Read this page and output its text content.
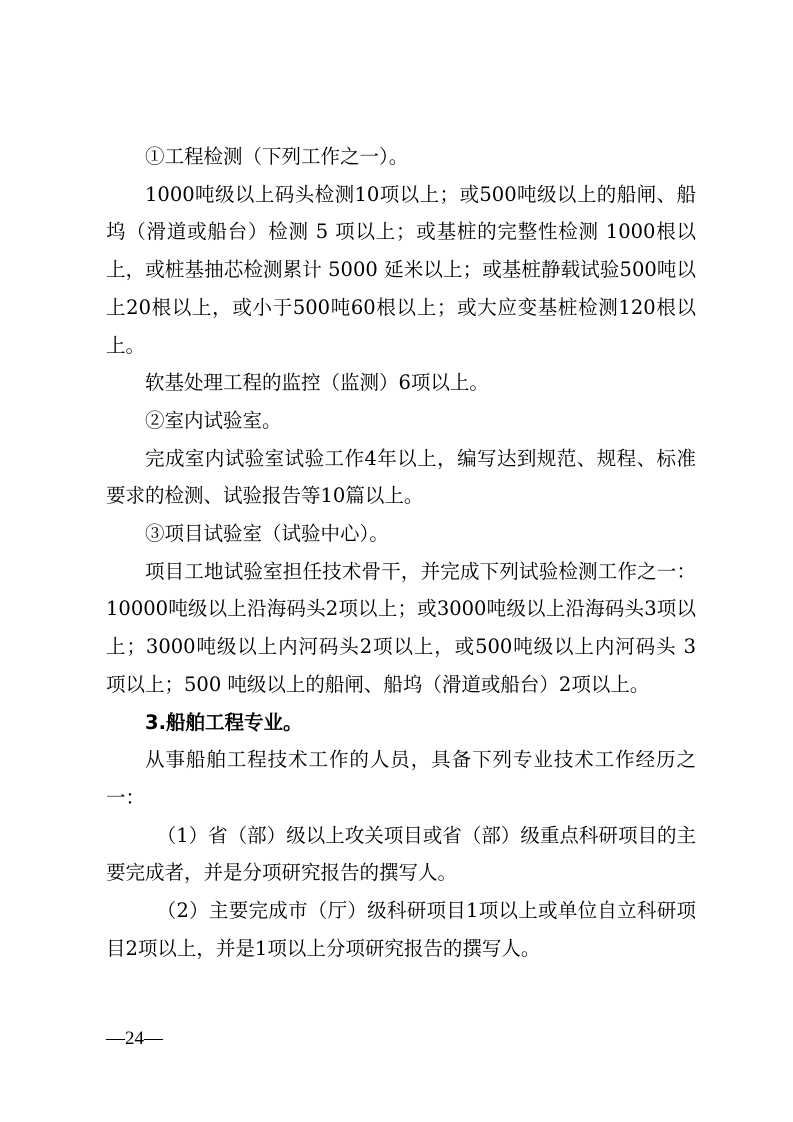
①工程检测（下列工作之一）。

1000吨级以上码头检测10项以上；或500吨级以上的船闸、船坞（滑道或船台）检测 5 项以上；或基桩的完整性检测 1000根以上，或桩基抽芯检测累计 5000 延米以上；或基桩静载试验500吨以上20根以上，或小于500吨60根以上；或大应变基桩检测120根以上。

软基处理工程的监控（监测）6项以上。

②室内试验室。

完成室内试验室试验工作4年以上，编写达到规范、规程、标准要求的检测、试验报告等10篇以上。

③项目试验室（试验中心）。

项目工地试验室担任技术骨干，并完成下列试验检测工作之一：10000吨级以上沿海码头2项以上；或3000吨级以上沿海码头3项以上；3000吨级以上内河码头2项以上，或500吨级以上内河码头 3 项以上；500 吨级以上的船闸、船坞（滑道或船台）2项以上。

3.船舶工程专业。

从事船舶工程技术工作的人员，具备下列专业技术工作经历之一：

（1）省（部）级以上攻关项目或省（部）级重点科研项目的主要完成者，并是分项研究报告的撰写人。

（2）主要完成市（厅）级科研项目1项以上或单位自立科研项目2项以上，并是1项以上分项研究报告的撰写人。

—24—
